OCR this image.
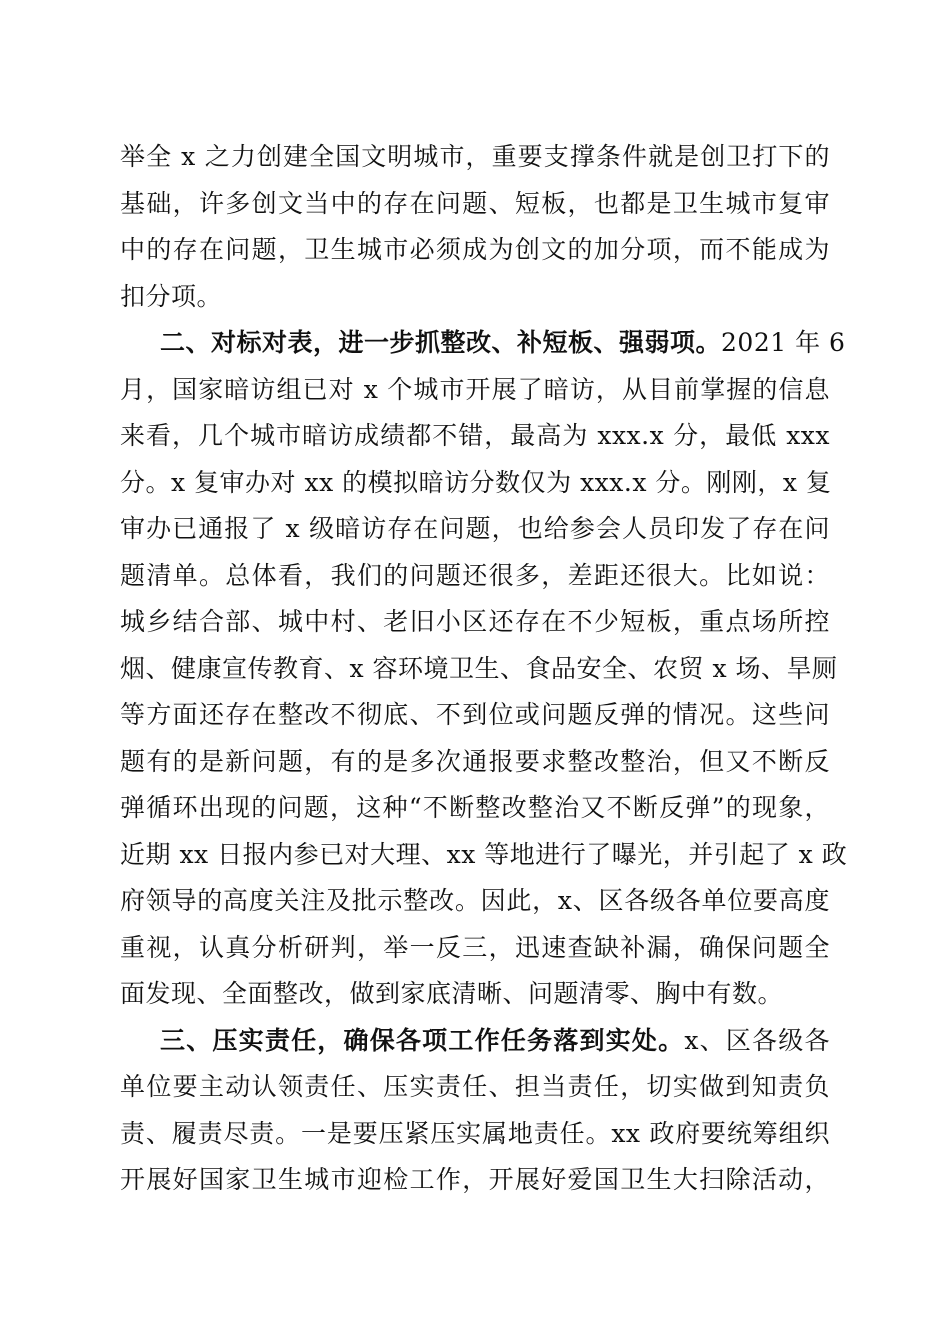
举全 x 之力创建全国文明城市，重要支撑条件就是创卫打下的
基础，许多创文当中的存在问题、短板，也都是卫生城市复审
中的存在问题，卫生城市必须成为创文的加分项，而不能成为
扣分项。
二、对标对表，进一步抓整改、补短板、强弱项。2021 年 6
月，国家暗访组已对 x 个城市开展了暗访，从目前掌握的信息
来看，几个城市暗访成绩都不错，最高为 xxx.x 分，最低 xxx
分。x 复审办对 xx 的模拟暗访分数仅为 xxx.x 分。刚刚，x 复
审办已通报了 x 级暗访存在问题，也给参会人员印发了存在问
题清单。总体看，我们的问题还很多，差距还很大。比如说：
城乡结合部、城中村、老旧小区还存在不少短板，重点场所控
烟、健康宣传教育、x 容环境卫生、食品安全、农贸 x 场、旱厕
等方面还存在整改不彻底、不到位或问题反弹的情况。这些问
题有的是新问题，有的是多次通报要求整改整治，但又不断反
弹循环出现的问题，这种“不断整改整治又不断反弹”的现象，
近期 xx 日报内参已对大理、xx 等地进行了曝光，并引起了 x 政
府领导的高度关注及批示整改。因此，x、区各级各单位要高度
重视，认真分析研判，举一反三，迅速查缺补漏，确保问题全
面发现、全面整改，做到家底清晰、问题清零、胸中有数。
三、压实责任，确保各项工作任务落到实处。x、区各级各
单位要主动认领责任、压实责任、担当责任，切实做到知责负
责、履责尽责。一是要压紧压实属地责任。xx 政府要统筹组织
开展好国家卫生城市迎检工作，开展好爱国卫生大扫除活动，
